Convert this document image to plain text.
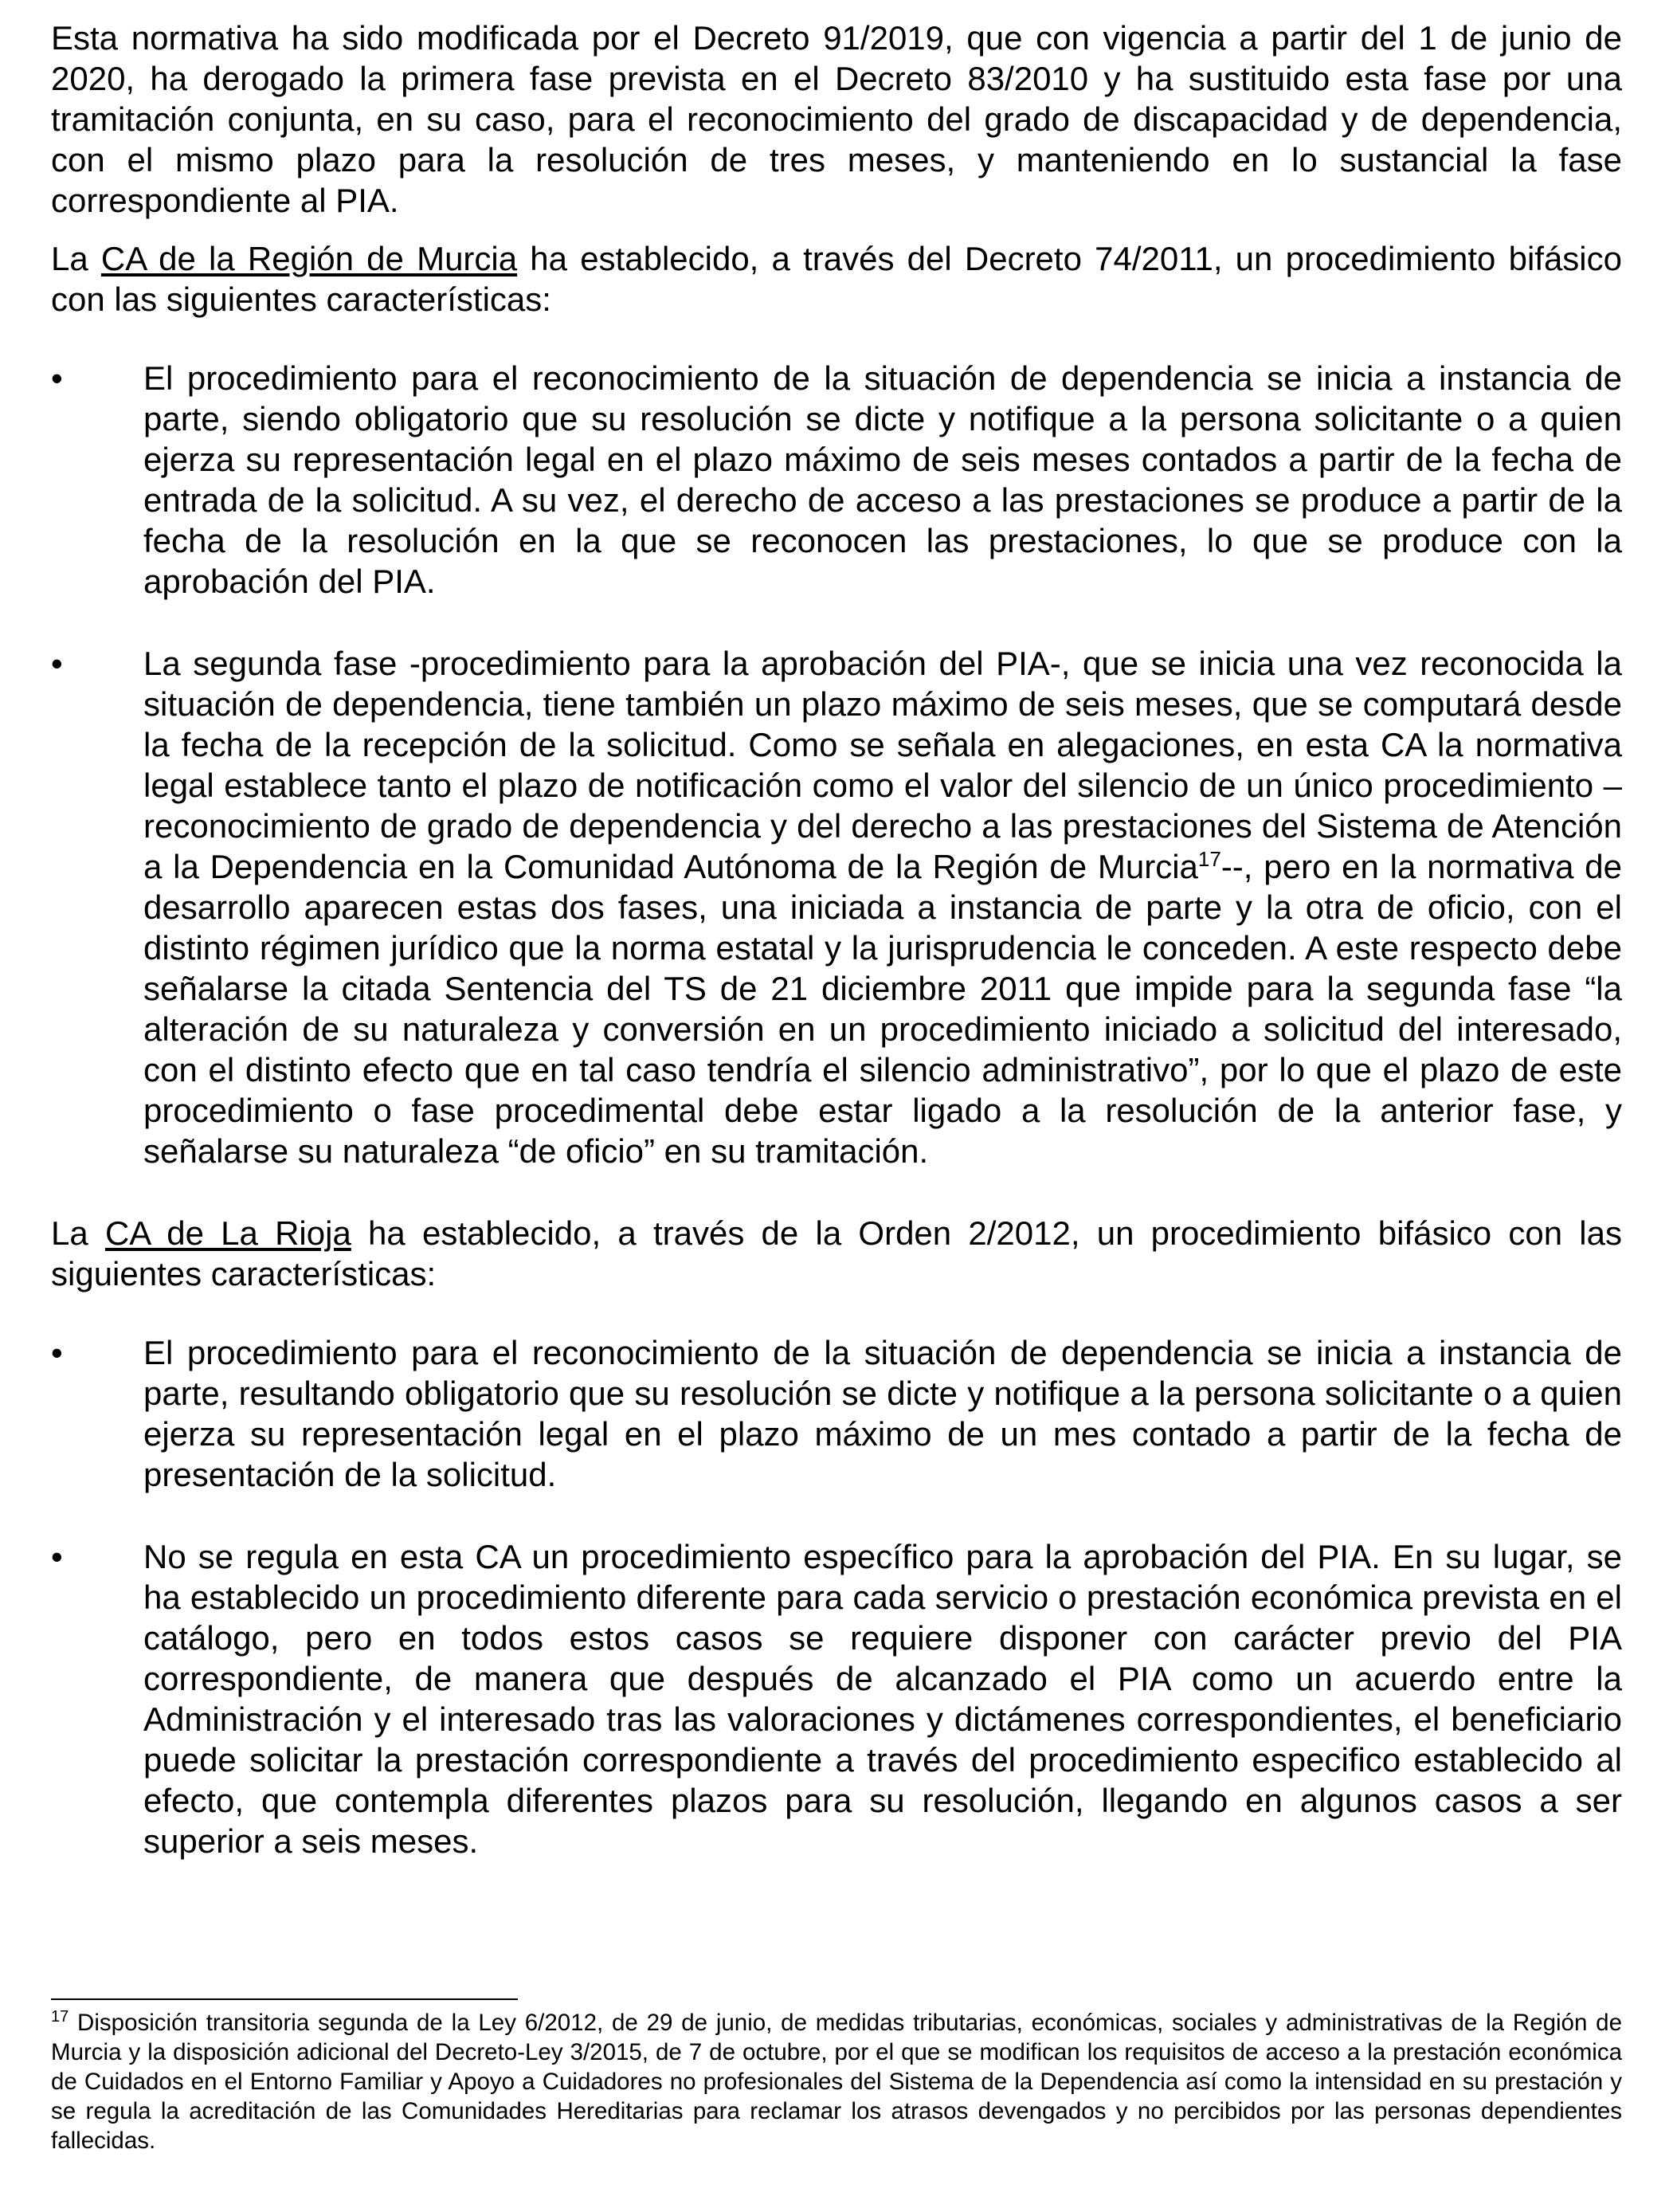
Esta normativa ha sido modificada por el Decreto 91/2019, que con vigencia a partir del 1 de junio de 2020, ha derogado la primera fase prevista en el Decreto 83/2010 y ha sustituido esta fase por una tramitación conjunta, en su caso, para el reconocimiento del grado de discapacidad y de dependencia, con el mismo plazo para la resolución de tres meses, y manteniendo en lo sustancial la fase correspondiente al PIA.

La CA de la Región de Murcia ha establecido, a través del Decreto 74/2011, un procedimiento bifásico con las siguientes características:

• El procedimiento para el reconocimiento de la situación de dependencia se inicia a instancia de parte, siendo obligatorio que su resolución se dicte y notifique a la persona solicitante o a quien ejerza su representación legal en el plazo máximo de seis meses contados a partir de la fecha de entrada de la solicitud. A su vez, el derecho de acceso a las prestaciones se produce a partir de la fecha de la resolución en la que se reconocen las prestaciones, lo que se produce con la aprobación del PIA.

• La segunda fase -procedimiento para la aprobación del PIA-, que se inicia una vez reconocida la situación de dependencia, tiene también un plazo máximo de seis meses, que se computará desde la fecha de la recepción de la solicitud. Como se señala en alegaciones, en esta CA la normativa legal establece tanto el plazo de notificación como el valor del silencio de un único procedimiento –reconocimiento de grado de dependencia y del derecho a las prestaciones del Sistema de Atención a la Dependencia en la Comunidad Autónoma de la Región de Murcia$^{17}$--, pero en la normativa de desarrollo aparecen estas dos fases, una iniciada a instancia de parte y la otra de oficio, con el distinto régimen jurídico que la norma estatal y la jurisprudencia le conceden. A este respecto debe señalarse la citada Sentencia del TS de 21 diciembre 2011 que impide para la segunda fase “la alteración de su naturaleza y conversión en un procedimiento iniciado a solicitud del interesado, con el distinto efecto que en tal caso tendría el silencio administrativo”, por lo que el plazo de este procedimiento o fase procedimental debe estar ligado a la resolución de la anterior fase, y señalarse su naturaleza “de oficio” en su tramitación.

La CA de La Rioja ha establecido, a través de la Orden 2/2012, un procedimiento bifásico con las siguientes características:

• El procedimiento para el reconocimiento de la situación de dependencia se inicia a instancia de parte, resultando obligatorio que su resolución se dicte y notifique a la persona solicitante o a quien ejerza su representación legal en el plazo máximo de un mes contado a partir de la fecha de presentación de la solicitud.

• No se regula en esta CA un procedimiento específico para la aprobación del PIA. En su lugar, se ha establecido un procedimiento diferente para cada servicio o prestación económica prevista en el catálogo, pero en todos estos casos se requiere disponer con carácter previo del PIA correspondiente, de manera que después de alcanzado el PIA como un acuerdo entre la Administración y el interesado tras las valoraciones y dictámenes correspondientes, el beneficiario puede solicitar la prestación correspondiente a través del procedimiento especifico establecido al efecto, que contempla diferentes plazos para su resolución, llegando en algunos casos a ser superior a seis meses.

$^{17}$ Disposición transitoria segunda de la Ley 6/2012, de 29 de junio, de medidas tributarias, económicas, sociales y administrativas de la Región de Murcia y la disposición adicional del Decreto-Ley 3/2015, de 7 de octubre, por el que se modifican los requisitos de acceso a la prestación económica de Cuidados en el Entorno Familiar y Apoyo a Cuidadores no profesionales del Sistema de la Dependencia así como la intensidad en su prestación y se regula la acreditación de las Comunidades Hereditarias para reclamar los atrasos devengados y no percibidos por las personas dependientes fallecidas.
